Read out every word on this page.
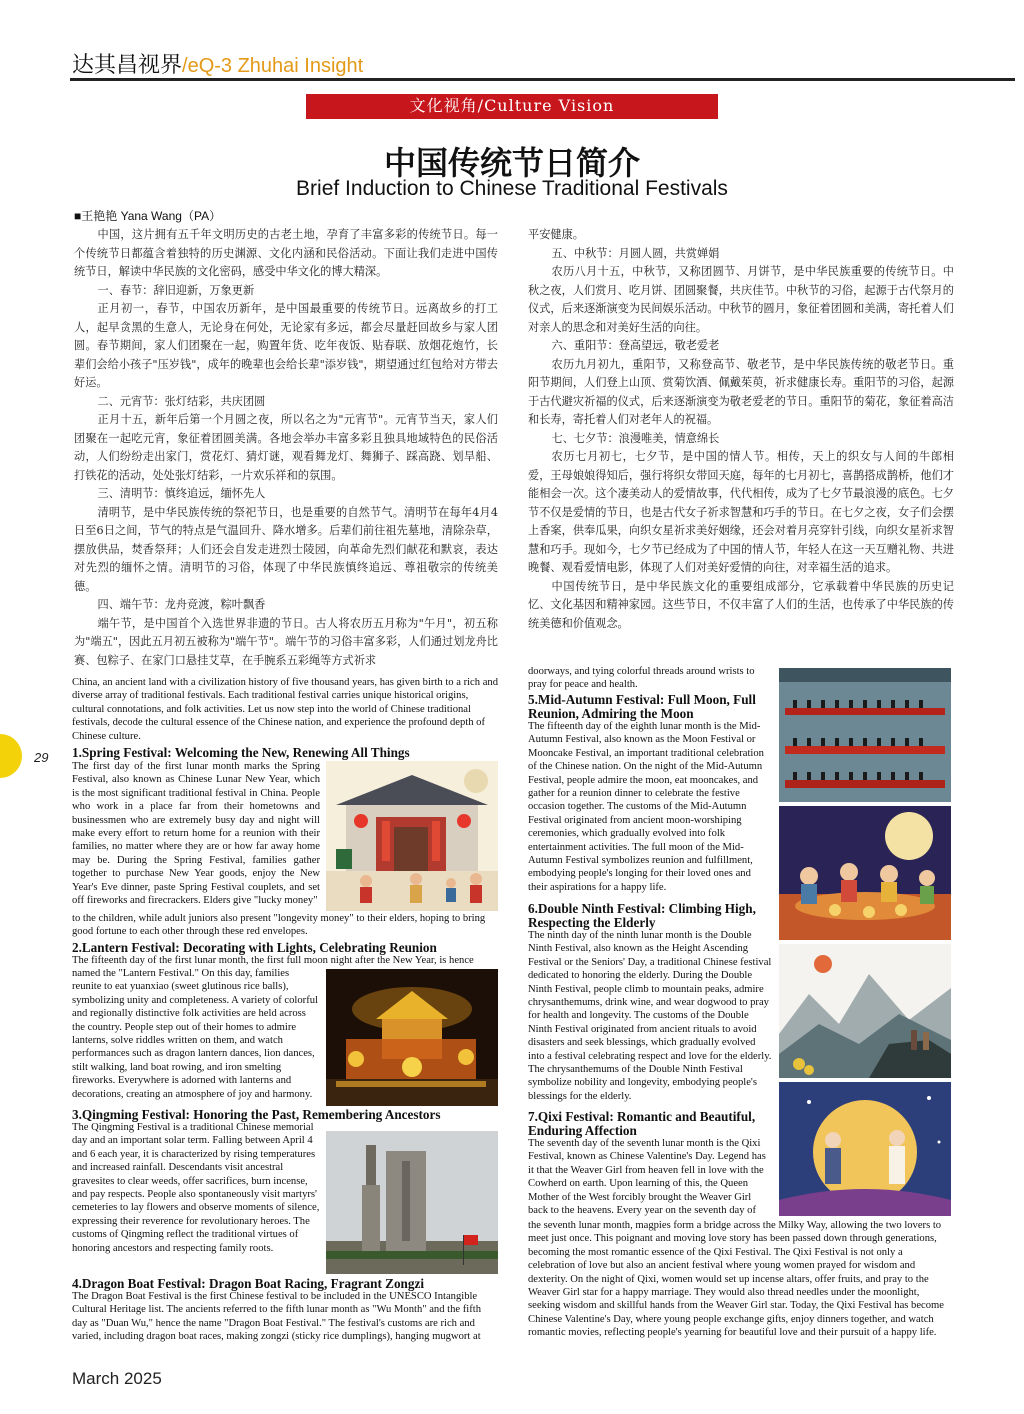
达其昌视界/eQ-3 Zhuhai Insight
文化视角/Culture Vision
中国传统节日简介
Brief Induction to Chinese Traditional Festivals
■王艳艳 Yana Wang（PA）

中国，这片拥有五千年文明历史的古老土地，孕育了丰富多彩的传统节日。每一个传统节日都蕴含着独特的历史渊源、文化内涵和民俗活动。下面让我们走进中国传统节日，解读中华民族的文化密码，感受中华文化的博大精深。

一、春节：辞旧迎新，万象更新

正月初一，春节，中国农历新年，是中国最重要的传统节日。远离故乡的打工人，起早贪黑的生意人，无论身在何处，无论家有多远，都会尽量赶回故乡与家人团圆。春节期间，家人们团聚在一起，购置年货、吃年夜饭、贴春联、放烟花炮竹，长辈们会给小孩子"压岁钱"，成年的晚辈也会给长辈"添岁钱"，期望通过红包给对方带去好运。

二、元宵节：张灯结彩，共庆团圆

正月十五，新年后第一个月圆之夜，所以名之为"元宵节"。元宵节当天，家人们团聚在一起吃元宵，象征着团圆美满。各地会举办丰富多彩且独具地域特色的民俗活动，人们纷纷走出家门，赏花灯、猜灯谜，观看舞龙灯、舞狮子、踩高跷、划旱船、打铁花的活动，处处张灯结彩，一片欢乐祥和的氛围。

三、清明节：慎终追远，缅怀先人

清明节，是中华民族传统的祭祀节日，也是重要的自然节气。清明节在每年4月4日至6日之间，节气的特点是气温回升、降水增多。后辈们前往祖先墓地，清除杂草，摆放供品，焚香祭拜；人们还会自发走进烈士陵园，向革命先烈们献花和默哀，表达对先烈的缅怀之情。清明节的习俗，体现了中华民族慎终追远、尊祖敬宗的传统美德。

四、端午节：龙舟竞渡，粽叶飘香

端午节，是中国首个入选世界非遗的节日。古人将农历五月称为"午月"，初五称为"端五"，因此五月初五被称为"端午节"。端午节的习俗丰富多彩，人们通过划龙舟比赛、包粽子、在家门口悬挂艾草，在手腕系五彩绳等方式祈求

平安健康。

五、中秋节：月圆人圆，共赏婵娟

农历八月十五，中秋节，又称团圆节、月饼节，是中华民族重要的传统节日。中秋之夜，人们赏月、吃月饼、团圆聚餐，共庆佳节。中秋节的习俗，起源于古代祭月的仪式，后来逐渐演变为民间娱乐活动。中秋节的圆月，象征着团圆和美满，寄托着人们对亲人的思念和对美好生活的向往。

六、重阳节：登高望远，敬老爱老

农历九月初九，重阳节，又称登高节、敬老节，是中华民族传统的敬老节日。重阳节期间，人们登上山顶、赏菊饮酒、佩戴茱萸，祈求健康长寿。重阳节的习俗，起源于古代避灾祈福的仪式，后来逐渐演变为敬老爱老的节日。重阳节的菊花，象征着高洁和长寿，寄托着人们对老年人的祝福。

七、七夕节：浪漫唯美，情意绵长

农历七月初七，七夕节，是中国的情人节。相传，天上的织女与人间的牛郎相爱，王母娘娘得知后，强行将织女带回天庭，每年的七月初七，喜鹊搭成鹊桥，他们才能相会一次。这个凄美动人的爱情故事，代代相传，成为了七夕节最浪漫的底色。七夕节不仅是爱情的节日，也是古代女子祈求智慧和巧手的节日。在七夕之夜，女子们会摆上香案，供奉瓜果，向织女星祈求美好姻缘，还会对着月亮穿针引线，向织女星祈求智慧和巧手。现如今，七夕节已经成为了中国的情人节，年轻人在这一天互赠礼物、共进晚餐、观看爱情电影，体现了人们对美好爱情的向往，对幸福生活的追求。

中国传统节日，是中华民族文化的重要组成部分，它承载着中华民族的历史记忆、文化基因和精神家园。这些节日，不仅丰富了人们的生活，也传承了中华民族的传统美德和价值观念。

29
China, an ancient land with a civilization history of five thousand years, has given birth to a rich and diverse array of traditional festivals. Each traditional festival carries unique historical origins, cultural connotations, and folk activities. Let us now step into the world of Chinese traditional festivals, decode the cultural essence of the Chinese nation, and experience the profound depth of Chinese culture.
1.Spring Festival: Welcoming the New, Renewing All Things

The first day of the first lunar month marks the Spring Festival, also known as Chinese Lunar New Year, which is the most significant traditional festival in China. People who work in a place far from their hometowns and businessmen who are extremely busy day and night will make every effort to return home for a reunion with their families, no matter where they are or how far away home may be. During the Spring Festival, families gather together to purchase New Year goods, enjoy the New Year's Eve dinner, paste Spring Festival couplets, and set off fireworks and firecrackers. Elders give "lucky money"

to the children, while adult juniors also present "longevity money" to their elders, hoping to bring good fortune to each other through these red envelopes.
2.Lantern Festival: Decorating with Lights, Celebrating Reunion
The fifteenth day of the first lunar month, the first full moon night after the New Year, is hence
named the "Lantern Festival." On this day, families reunite to eat yuanxiao (sweet glutinous rice balls), symbolizing unity and completeness. A variety of colorful and regionally distinctive folk activities are held across the country. People step out of their homes to admire lanterns, solve riddles written on them, and watch performances such as dragon lantern dances, lion dances, stilt walking, land boat rowing, and iron smelting fireworks. Everywhere is adorned with lanterns and decorations, creating an atmosphere of joy and harmony.
3.Qingming Festival: Honoring the Past, Remembering Ancestors
The Qingming Festival is a traditional Chinese memorial day and an important solar term. Falling between April 4 and 6 each year, it is characterized by rising temperatures and increased rainfall. Descendants visit ancestral gravesites to clear weeds, offer sacrifices, burn incense, and pay respects. People also spontaneously visit martyrs' cemeteries to lay flowers and observe moments of silence, expressing their reverence for revolutionary heroes. The customs of Qingming reflect the traditional virtues of honoring ancestors and respecting family roots.
4.Dragon Boat Festival: Dragon Boat Racing, Fragrant Zongzi
The Dragon Boat Festival is the first Chinese festival to be included in the UNESCO Intangible Cultural Heritage list. The ancients referred to the fifth lunar month as "Wu Month" and the fifth day as "Duan Wu," hence the name "Dragon Boat Festival." The festival's customs are rich and varied, including dragon boat races, making zongzi (sticky rice dumplings), hanging mugwort at
doorways, and tying colorful threads around wrists to pray for peace and health.
5.Mid-Autumn Festival: Full Moon, Full Reunion, Admiring the Moon
The fifteenth day of the eighth lunar month is the Mid-Autumn Festival, also known as the Moon Festival or Mooncake Festival, an important traditional celebration of the Chinese nation. On the night of the Mid-Autumn Festival, people admire the moon, eat mooncakes, and gather for a reunion dinner to celebrate the festive occasion together. The customs of the Mid-Autumn Festival originated from ancient moon-worshiping ceremonies, which gradually evolved into folk entertainment activities. The full moon of the Mid-Autumn Festival symbolizes reunion and fulfillment, embodying people's longing for their loved ones and their aspirations for a happy life.
6.Double Ninth Festival: Climbing High, Respecting the Elderly
The ninth day of the ninth lunar month is the Double Ninth Festival, also known as the Height Ascending Festival or the Seniors' Day, a traditional Chinese festival dedicated to honoring the elderly. During the Double Ninth Festival, people climb to mountain peaks, admire chrysanthemums, drink wine, and wear dogwood to pray for health and longevity. The customs of the Double Ninth Festival originated from ancient rituals to avoid disasters and seek blessings, which gradually evolved into a festival celebrating respect and love for the elderly. The chrysanthemums of the Double Ninth Festival symbolize nobility and longevity, embodying people's blessings for the elderly.
7.Qixi Festival: Romantic and Beautiful, Enduring Affection
The seventh day of the seventh lunar month is the Qixi Festival, known as Chinese Valentine's Day. Legend has it that the Weaver Girl from heaven fell in love with the Cowherd on earth. Upon learning of this, the Queen Mother of the West forcibly brought the Weaver Girl back to the heavens. Every year on the seventh day of
the seventh lunar month, magpies form a bridge across the Milky Way, allowing the two lovers to meet just once. This poignant and moving love story has been passed down through generations, becoming the most romantic essence of the Qixi Festival. The Qixi Festival is not only a celebration of love but also an ancient festival where young women prayed for wisdom and dexterity. On the night of Qixi, women would set up incense altars, offer fruits, and pray to the Weaver Girl star for a happy marriage. They would also thread needles under the moonlight, seeking wisdom and skillful hands from the Weaver Girl star. Today, the Qixi Festival has become Chinese Valentine's Day, where young people exchange gifts, enjoy dinners together, and watch romantic movies, reflecting people's yearning for beautiful love and their pursuit of a happy life.
March 2025
